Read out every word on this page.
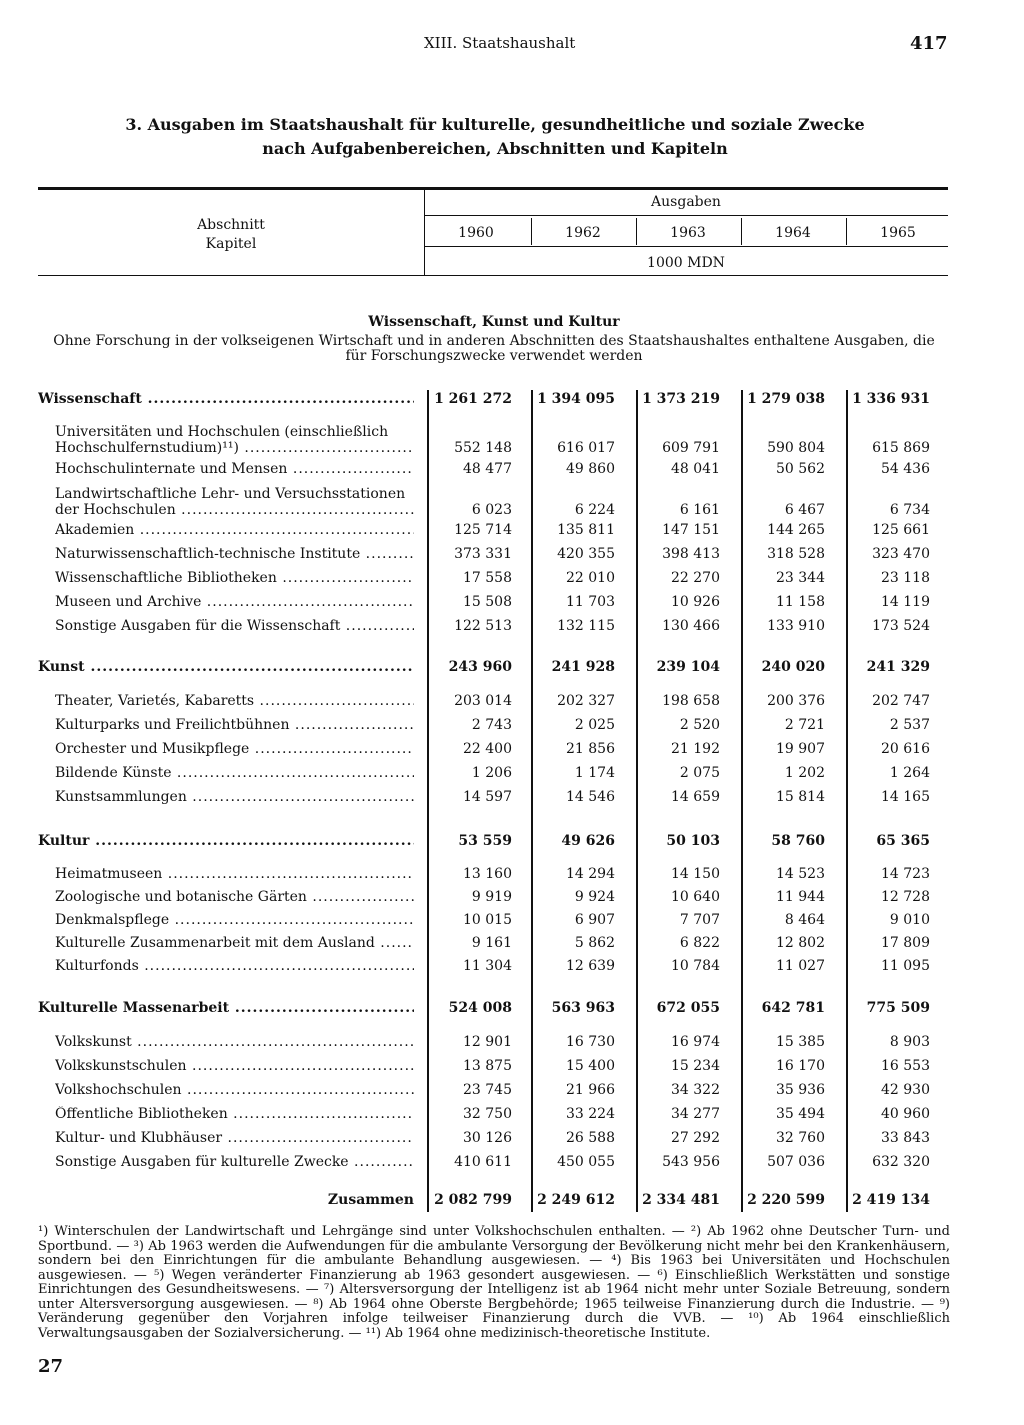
XIII. Staatshaushalt	417
3. Ausgaben im Staatshaushalt für kulturelle, gesundheitliche und soziale Zwecke
nach Aufgabenbereichen, Abschnitten und Kapiteln
Abschnitt
Kapitel
Ausgaben
1000 MDN
1960	1962	1963	1964	1965
Wissenschaft, Kunst und Kultur
Ohne Forschung in der volkseigenen Wirtschaft und in anderen Abschnitten des Staatshaushaltes enthaltene Ausgaben, die
für Forschungszwecke verwendet werden
Wissenschaft .....	1 261 272	1 394 095	1 373 219	1 279 038	1 336 931
Universitäten und Hochschulen (einschließlich
Hochschulfernstudium)¹¹) .....	552 148	616 017	609 791	590 804	615 869
Hochschulinternate und Mensen .....	48 477	49 860	48 041	50 562	54 436
Landwirtschaftliche Lehr- und Versuchsstationen
der Hochschulen .....	6 023	6 224	6 161	6 467	6 734
Akademien .....	125 714	135 811	147 151	144 265	125 661
Naturwissenschaftlich-technische Institute .....	373 331	420 355	398 413	318 528	323 470
Wissenschaftliche Bibliotheken .....	17 558	22 010	22 270	23 344	23 118
Museen und Archive .....	15 508	11 703	10 926	11 158	14 119
Sonstige Ausgaben für die Wissenschaft .....	122 513	132 115	130 466	133 910	173 524
Kunst .....	243 960	241 928	239 104	240 020	241 329
Theater, Varietés, Kabaretts .....	203 014	202 327	198 658	200 376	202 747
Kulturparks und Freilichtbühnen .....	2 743	2 025	2 520	2 721	2 537
Orchester und Musikpflege .....	22 400	21 856	21 192	19 907	20 616
Bildende Künste .....	1 206	1 174	2 075	1 202	1 264
Kunstsammlungen .....	14 597	14 546	14 659	15 814	14 165
Kultur .....	53 559	49 626	50 103	58 760	65 365
Heimatmuseen .....	13 160	14 294	14 150	14 523	14 723
Zoologische und botanische Gärten .....	9 919	9 924	10 640	11 944	12 728
Denkmalspflege .....	10 015	6 907	7 707	8 464	9 010
Kulturelle Zusammenarbeit mit dem Ausland .....	9 161	5 862	6 822	12 802	17 809
Kulturfonds .....	11 304	12 639	10 784	11 027	11 095
Kulturelle Massenarbeit .....	524 008	563 963	672 055	642 781	775 509
Volkskunst .....	12 901	16 730	16 974	15 385	8 903
Volkskunstschulen .....	13 875	15 400	15 234	16 170	16 553
Volkshochschulen .....	23 745	21 966	34 322	35 936	42 930
Öffentliche Bibliotheken .....	32 750	33 224	34 277	35 494	40 960
Kultur- und Klubhäuser .....	30 126	26 588	27 292	32 760	33 843
Sonstige Ausgaben für kulturelle Zwecke .....	410 611	450 055	543 956	507 036	632 320
Zusammen	2 082 799	2 249 612	2 334 481	2 220 599	2 419 134
¹) Winterschulen der Landwirtschaft und Lehrgänge sind unter Volkshochschulen enthalten. — ²) Ab 1962 ohne Deutscher Turn- und Sportbund. — ³) Ab 1963 werden die Aufwendungen für die ambulante Versorgung der Bevölkerung nicht mehr bei den Krankenhäusern, sondern bei den Einrichtungen für die ambulante Behandlung ausgewiesen. — ⁴) Bis 1963 bei Universitäten und Hochschulen ausgewiesen. — ⁵) Wegen veränderter Finanzierung ab 1963 gesondert ausgewiesen. — ⁶) Einschließlich Werkstätten und sonstige Einrichtungen des Gesundheitswesens. — ⁷) Altersversorgung der Intelligenz ist ab 1964 nicht mehr unter Soziale Betreuung, sondern unter Altersversorgung ausgewiesen. — ⁸) Ab 1964 ohne Oberste Bergbehörde; 1965 teilweise Finanzierung durch die Industrie. — ⁹) Veränderung gegenüber den Vorjahren infolge teilweiser Finanzierung durch die VVB. — ¹⁰) Ab 1964 einschließlich Verwaltungsausgaben der Sozialversicherung. — ¹¹) Ab 1964 ohne medizinisch-theoretische Institute.
27
